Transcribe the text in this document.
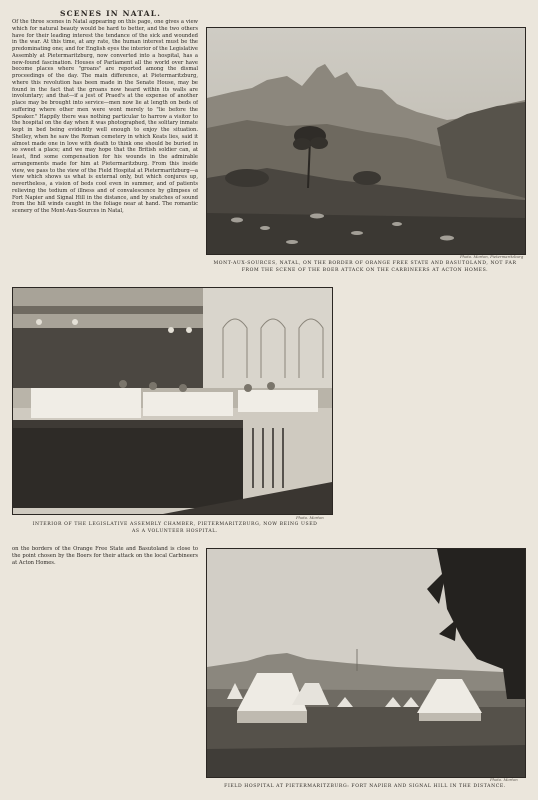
SCENES IN NATAL.

Of the three scenes in Natal appearing on this page, one gives a view which for natural beauty would be hard to better, and the two others have for their leading interest the tendance of the sick and wounded in the war. At this time, at any rate, the human interest must be the predominating one; and for English eyes the interior of the Legislative Assembly at Pietermaritzburg, now converted into a hospital, has a new-found fascination. Houses of Parliament all the world over have become places where "groans" are reported among the dismal proceedings of the day. The main difference, at Pietermaritzburg, where this revolution has been made in the Senate House, may be found in the fact that the groans now heard within its walls are involuntary; and that—if a jest of Praed's at the expense of another place may be brought into service—men now lie at length on beds of suffering where other men were wont merely to "lie before the Speaker." Happily there was nothing particular to harrow a visitor to the hospital on the day when it was photographed, the solitary inmate kept in bed being evidently well enough to enjoy the situation. Shelley, when he saw the Roman cemetery in which Keats lies, said it almost made one in love with death to think one should be buried in so sweet a place; and we may hope that the British soldier can, at least, find some compensation for his wounds in the admirable arrangements made for him at Pietermaritzburg. From this inside view, we pass to the view of the Field Hospital at Pietermaritzburg—a view which shows us what is external only, but which conjures up, nevertheless, a vision of beds cool even in summer, and of patients relieving the tedium of illness and of convalescence by glimpses of Fort Napier and Signal Hill in the distance, and by snatches of sound from the hill winds caught in the foliage near at hand. The romantic scenery of the Mont-Aux-Sources in Natal,

Photo. Morton, Pietermaritzburg
MONT-AUX-SOURCES, NATAL, ON THE BORDER OF ORANGE FREE STATE AND BASUTOLAND, NOT FAR FROM THE SCENE OF THE BOER ATTACK ON THE CARBINEERS AT ACTON HOMES.
Photo. Morton
INTERIOR OF THE LEGISLATIVE ASSEMBLY CHAMBER, PIETERMARITZBURG, NOW BEING USED AS A VOLUNTEER HOSPITAL.

on the borders of the Orange Free State and Basutoland is close to the point chosen by the Boers for their attack on the local Carbineers at Acton Homes.

Photo. Morton
FIELD HOSPITAL AT PIETERMARITZBURG: FORT NAPIER AND SIGNAL HILL IN THE DISTANCE.
